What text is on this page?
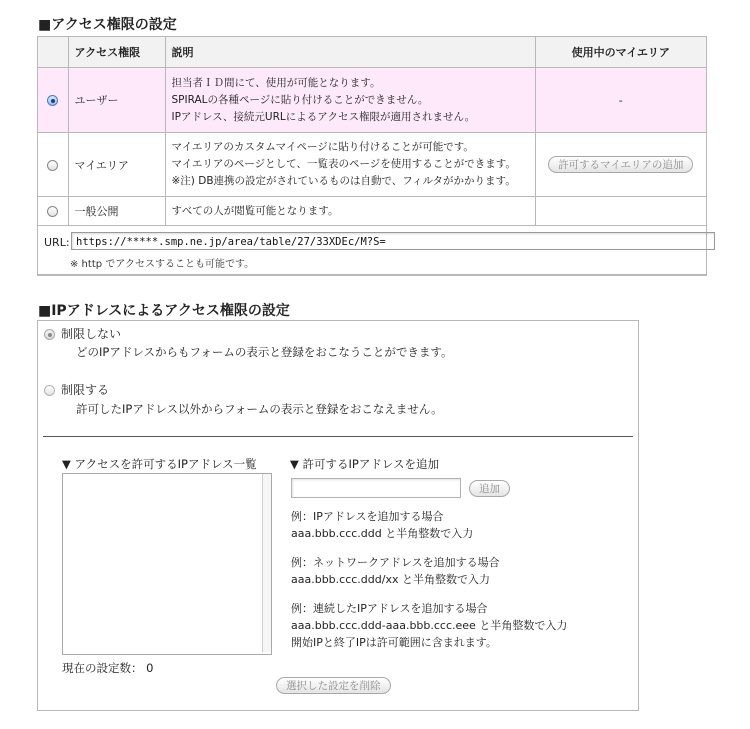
■アクセス権限の設定
	アクセス権限	説明	使用中のマイエリア
	ユーザー	担当者ＩＤ間にて、使用が可能となります。
SPIRALの各種ページに貼り付けることができません。
IPアドレス、接続元URLによるアクセス権限が適用されません。	-
	マイエリア	マイエリアのカスタムマイページに貼り付けることが可能です。
マイエリアのページとして、一覧表のページを使用することができます。
※注) DB連携の設定がされているものは自動で、フィルタがかかります。	許可するマイエリアの追加
	一般公開	すべての人が閲覧可能となります。	

URL: https://*****.smp.ne.jp/area/table/27/33XDEc/M?S=
※ http でアクセスすることも可能です。			
■IPアドレスによるアクセス権限の設定
制限しない
どのIPアドレスからもフォームの表示と登録をおこなうことができます。
制限する
許可したIPアドレス以外からフォームの表示と登録をおこなえません。
▼ アクセスを許可するIPアドレス一覧
現在の設定数： 0
▼ 許可するIPアドレスを追加
追加
例：IPアドレスを追加する場合
aaa.bbb.ccc.ddd と半角整数で入力
例：ネットワークアドレスを追加する場合
aaa.bbb.ccc.ddd/xx と半角整数で入力
例：連続したIPアドレスを追加する場合
aaa.bbb.ccc.ddd-aaa.bbb.ccc.eee と半角整数で入力
開始IPと終了IPは許可範囲に含まれます。
選択した設定を削除
